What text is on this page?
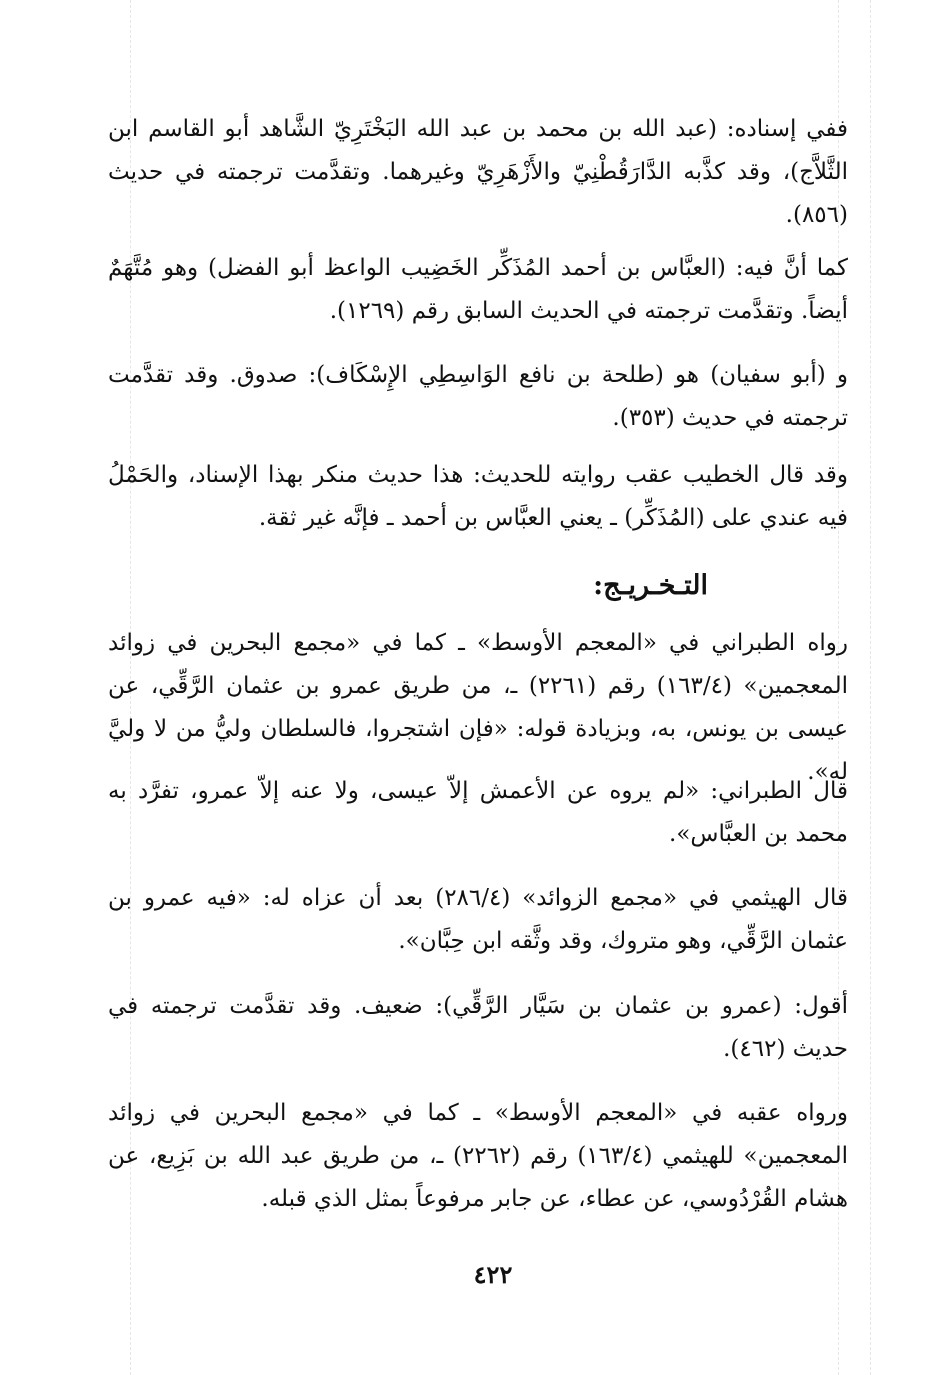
ففي إسناده: (عبد الله بن محمد بن عبد الله البَخْتَرِيّ الشَّاهد أبو القاسم ابن الثَّلاَّج)، وقد كذَّبه الدَّارَقُطْنِيّ والأَزْهَرِيّ وغيرهما. وتقدَّمت ترجمته في حديث (٨٥٦).

كما أنَّ فيه: (العبَّاس بن أحمد المُذَكِّر الخَضِيب الواعظ أبو الفضل) وهو مُتَّهَمٌ أيضاً. وتقدَّمت ترجمته في الحديث السابق رقم (١٢٦٩).

و (أبو سفيان) هو (طلحة بن نافع الوَاسِطِي الإِسْكَاف): صدوق. وقد تقدَّمت ترجمته في حديث (٣٥٣).

وقد قال الخطيب عقب روايته للحديث: هذا حديث منكر بهذا الإسناد، والحَمْلُ فيه عندي على (المُذَكِّر) ـ يعني العبَّاس بن أحمد ـ فإنَّه غير ثقة.

التـخـريـج:

رواه الطبراني في «المعجم الأوسط» ـ كما في «مجمع البحرين في زوائد المعجمين» (١٦٣/٤) رقم (٢٢٦١) ـ، من طريق عمرو بن عثمان الرَّقِّي، عن عيسى بن يونس، به، وبزيادة قوله: «فإن اشتجروا، فالسلطان وليُّ من لا وليَّ له».

قال الطبراني: «لم يروه عن الأعمش إلاّ عيسى، ولا عنه إلاّ عمرو، تفرَّد به محمد بن العبَّاس».

قال الهيثمي في «مجمع الزوائد» (٢٨٦/٤) بعد أن عزاه له: «فيه عمرو بن عثمان الرَّقِّي، وهو متروك، وقد وثَّقه ابن حِبَّان».

أقول: (عمرو بن عثمان بن سَيَّار الرَّقِّي): ضعيف. وقد تقدَّمت ترجمته في حديث (٤٦٢).

ورواه عقبه في «المعجم الأوسط» ـ كما في «مجمع البحرين في زوائد المعجمين» للهيثمي (١٦٣/٤) رقم (٢٢٦٢) ـ، من طريق عبد الله بن بَزِيع، عن هشام القُرْدُوسي، عن عطاء، عن جابر مرفوعاً بمثل الذي قبله.

٤٢٢
